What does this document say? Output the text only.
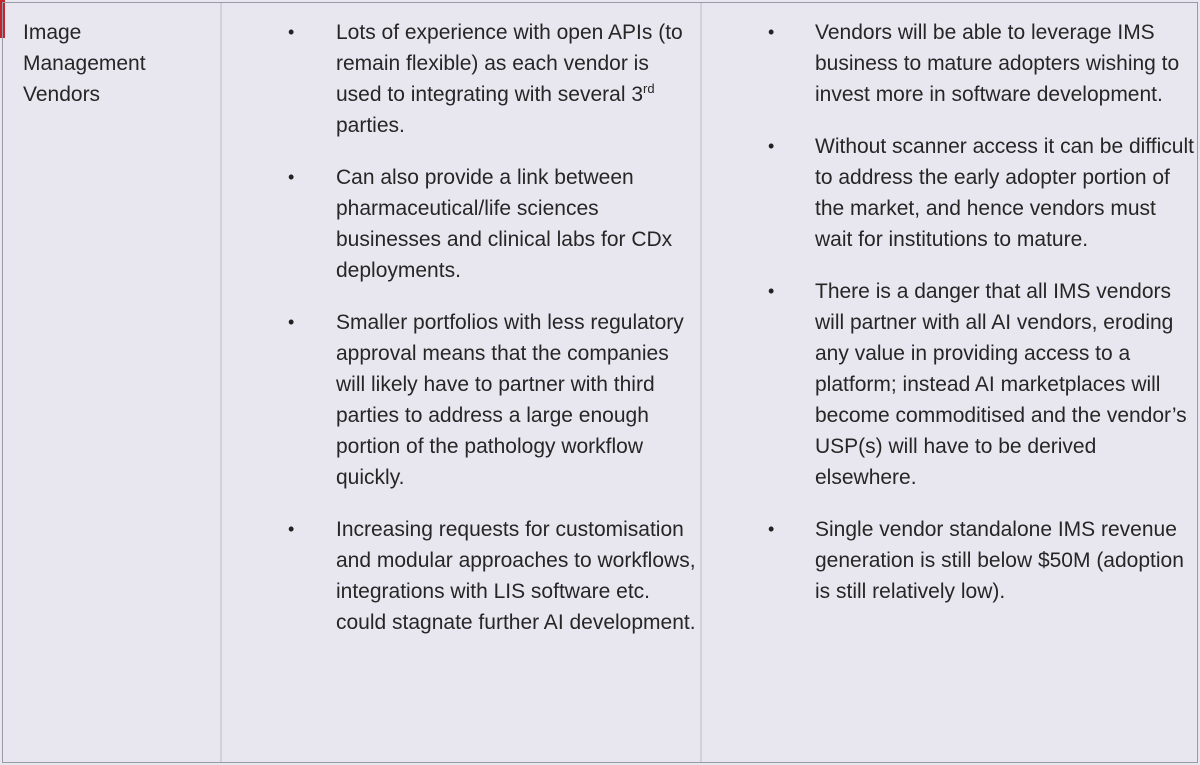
Image
Management
Vendors
• Lots of experience with open APIs (to remain flexible) as each vendor is used to integrating with several 3rd parties.
• Can also provide a link between pharmaceutical/life sciences businesses and clinical labs for CDx deployments.
• Smaller portfolios with less regulatory approval means that the companies will likely have to partner with third parties to address a large enough portion of the pathology workflow quickly.
• Increasing requests for customisation and modular approaches to workflows, integrations with LIS software etc. could stagnate further AI development.
• Vendors will be able to leverage IMS business to mature adopters wishing to invest more in software development.
• Without scanner access it can be difficult to address the early adopter portion of the market, and hence vendors must wait for institutions to mature.
• There is a danger that all IMS vendors will partner with all AI vendors, eroding any value in providing access to a platform; instead AI marketplaces will become commoditised and the vendor’s USP(s) will have to be derived elsewhere.
• Single vendor standalone IMS revenue generation is still below $50M (adoption is still relatively low).
